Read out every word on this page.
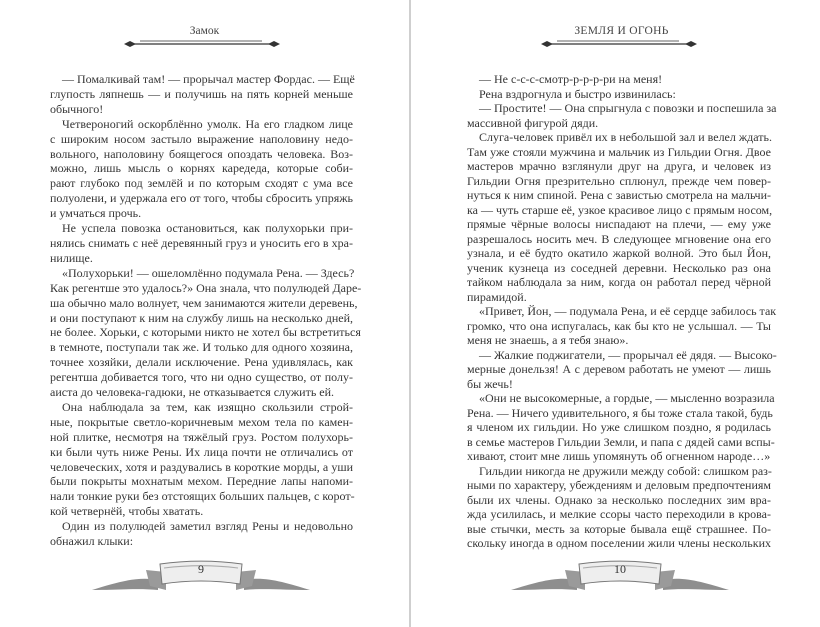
Замок
— Помалкивай там! — прорычал мастер Фордас. — Ещё
глупость ляпнешь — и получишь на пять корней меньше
обычного!
Четвероногий оскорблённо умолк. На его гладком лице
с широким носом застыло выражение наполовину недо-
вольного, наполовину боящегося опоздать человека. Воз-
можно, лишь мысль о корнях каредеда, которые соби-
рают глубоко под землёй и по которым сходят с ума все
полуолени, и удержала его от того, чтобы сбросить упряжь
и умчаться прочь.
Не успела повозка остановиться, как полухорьки при-
нялись снимать с неё деревянный груз и уносить его в хра-
нилище.
«Полухорьки! — ошеломлённо подумала Рена. — Здесь?
Как регентше это удалось?» Она знала, что полулюдей Даре-
ша обычно мало волнует, чем занимаются жители деревень,
и они поступают к ним на службу лишь на несколько дней,
не более. Хорьки, с которыми никто не хотел бы встретиться
в темноте, поступали так же. И только для одного хозяина,
точнее хозяйки, делали исключение. Рена удивлялась, как
регентша добивается того, что ни одно существо, от полу-
аиста до человека-гадюки, не отказывается служить ей.
Она наблюдала за тем, как изящно скользили строй-
ные, покрытые светло-коричневым мехом тела по камен-
ной плитке, несмотря на тяжёлый груз. Ростом полухорь-
ки были чуть ниже Рены. Их лица почти не отличались от
человеческих, хотя и раздувались в короткие морды, а уши
были покрыты мохнатым мехом. Передние лапы напоми-
нали тонкие руки без отстоящих больших пальцев, с корот-
кой четвернёй, чтобы хватать.
Один из полулюдей заметил взгляд Рены и недовольно
обнажил клыки:
9
ЗЕМЛЯ И ОГОНЬ
— Не с-с-с-смотр-р-р-р-ри на меня!
Рена вздрогнула и быстро извинилась:
— Простите! — Она спрыгнула с повозки и поспешила за
массивной фигурой дяди.
Слуга-человек привёл их в небольшой зал и велел ждать.
Там уже стояли мужчина и мальчик из Гильдии Огня. Двое
мастеров мрачно взглянули друг на друга, и человек из
Гильдии Огня презрительно сплюнул, прежде чем повер-
нуться к ним спиной. Рена с завистью смотрела на мальчи-
ка — чуть старше её, узкое красивое лицо с прямым носом,
прямые чёрные волосы ниспадают на плечи, — ему уже
разрешалось носить меч. В следующее мгновение она его
узнала, и её будто окатило жаркой волной. Это был Йон,
ученик кузнеца из соседней деревни. Несколько раз она
тайком наблюдала за ним, когда он работал перед чёрной
пирамидой.
«Привет, Йон, — подумала Рена, и её сердце забилось так
громко, что она испугалась, как бы кто не услышал. — Ты
меня не знаешь, а я тебя знаю».
— Жалкие поджигатели, — прорычал её дядя. — Высоко-
мерные донельзя! А с деревом работать не умеют — лишь
бы жечь!
«Они не высокомерные, а гордые, — мысленно возразила
Рена. — Ничего удивительного, я бы тоже стала такой, будь
я членом их гильдии. Но уже слишком поздно, я родилась
в семье мастеров Гильдии Земли, и папа с дядей сами вспы-
хивают, стоит мне лишь упомянуть об огненном народе…»
Гильдии никогда не дружили между собой: слишком раз-
ными по характеру, убеждениям и деловым предпочтениям
были их члены. Однако за несколько последних зим вра-
жда усилилась, и мелкие ссоры часто переходили в крова-
вые стычки, месть за которые бывала ещё страшнее. По-
скольку иногда в одном поселении жили члены нескольких
10
